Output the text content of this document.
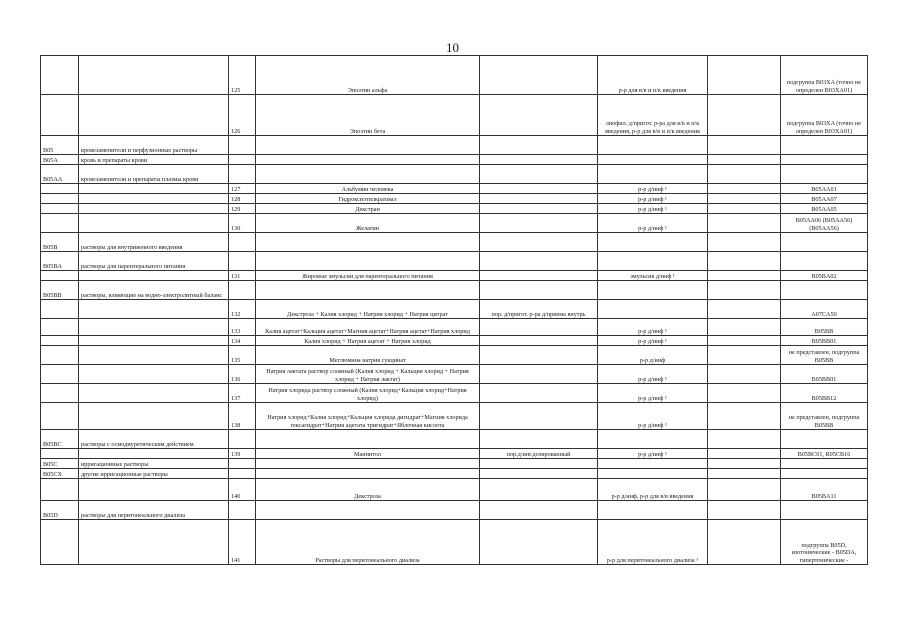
10
		125	Эпоэтин альфа		р-р для в/в и п/к введения		подгруппа B03XA (точно не определен B03XA01)
		126	Эпоэтин бета		лиофил. д/пригот. р-ра для в/в и п/к введения, р-р для в/в и п/к введения		подгруппа B03XA (точно не определен B03XA01)
B05	кровезаменители и перфузионные растворы						
B05A	кровь и препараты крови						
B05AA	кровезаменители и препараты плазмы крови						
		127	Альбумин человека		р-р д/инф ¹		B05AA01
		128	Гидроксиэтилкрахмал		р-р д/инф ¹		B05AA07
		129	Декстран		р-р д/инф ¹		B05AA05
		130	Желатин		р-р д/инф ¹		B05AA06 (B05AA56) (B05AA56)
B05B	растворы для внутривенного введения						
B05BA	растворы для парентерального питания						
		131	Жировые эмульсии для парентерального питания		эмульсия д/инф ¹		B05BA02
B05BB	растворы, влияющие на водно-электролитный баланс						
		132	Декстроза + Калия хлорид + Натрия хлорид + Натрия цитрат	пор. д/пригот. р-ра д/приема внутрь			A07CA50
		133	Калия ацетат+Кальция ацетат+Магния ацетат+Натрия ацетат+Натрия хлорид		р-р д/инф ¹		B05BB
		134	Калия хлорид + Натрия ацетат + Натрия хлорид		р-р д/инф ¹		B05BB01
		135	Меглюмина натрия сукцинат		р-р д/инф		не представлен, подгруппа B05BB
		136	Натрия лактата раствор сложный (Калия хлорид + Кальция хлорид + Натрия хлорид + Натрия лактат)		р-р д/инф ¹		B05BB01
		137	Натрия хлорида раствор сложный (Калия хлорид+Кальция хлорид+Натрия хлорид)		р-р д/инф ¹		B05BB12
		138	Натрия хлорид+Калия хлорид+Кальция хлорида дигидрат+Магния хлорида гексагидрат+Натрия ацетата тригидрат+Яблочная кислота		р-р д/инф ¹		не представлен, подгруппа B05BB
B05BC	растворы с осмодиуретическим действием						
		139	Маннитол	пор.д/инг.дозированный	р-р д/инф ¹		B05BC01, R05CB16
B05C	ирригационные растворы						
B05CX	другие ирригационные растворы						
		140	Декстроза		р-р д/инф, р-р для в/в введения		B05BA11
B05D	растворы для перитонеального диализа						
		141	Растворы для перитонеального диализа		р-р для перитонеального диализа ¹		подгруппа B05D, изотонические - B05DA, гипертонические -
